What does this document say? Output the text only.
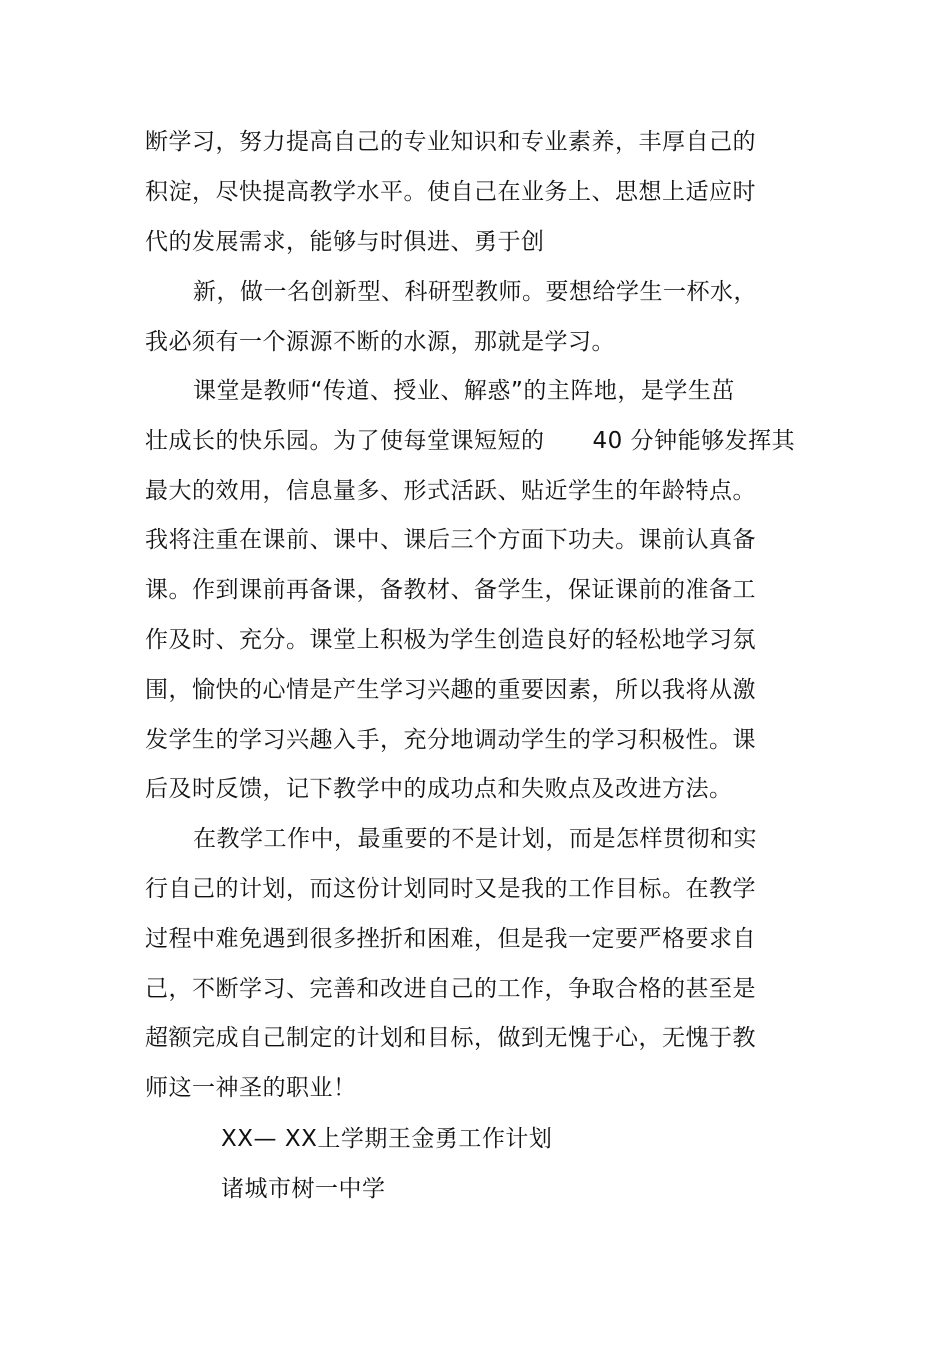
断学习，努力提高自己的专业知识和专业素养，丰厚自己的
积淀，尽快提高教学水平。使自己在业务上、思想上适应时
代的发展需求，能够与时俱进、勇于创
新，做一名创新型、科研型教师。要想给学生一杯水，
我必须有一个源源不断的水源，那就是学习。
课堂是教师“传道、授业、解惑”的主阵地，是学生茁
壮成长的快乐园。为了使每堂课短短的 40 分钟能够发挥其
最大的效用，信息量多、形式活跃、贴近学生的年龄特点。
我将注重在课前、课中、课后三个方面下功夫。课前认真备
课。作到课前再备课，备教材、备学生，保证课前的准备工
作及时、充分。课堂上积极为学生创造良好的轻松地学习氛
围，愉快的心情是产生学习兴趣的重要因素，所以我将从激
发学生的学习兴趣入手，充分地调动学生的学习积极性。课
后及时反馈，记下教学中的成功点和失败点及改进方法。
在教学工作中，最重要的不是计划，而是怎样贯彻和实
行自己的计划，而这份计划同时又是我的工作目标。在教学
过程中难免遇到很多挫折和困难，但是我一定要严格要求自
己，不断学习、完善和改进自己的工作，争取合格的甚至是
超额完成自己制定的计划和目标，做到无愧于心，无愧于教
师这一神圣的职业！
XX— XX上学期王金勇工作计划
诸城市树一中学
